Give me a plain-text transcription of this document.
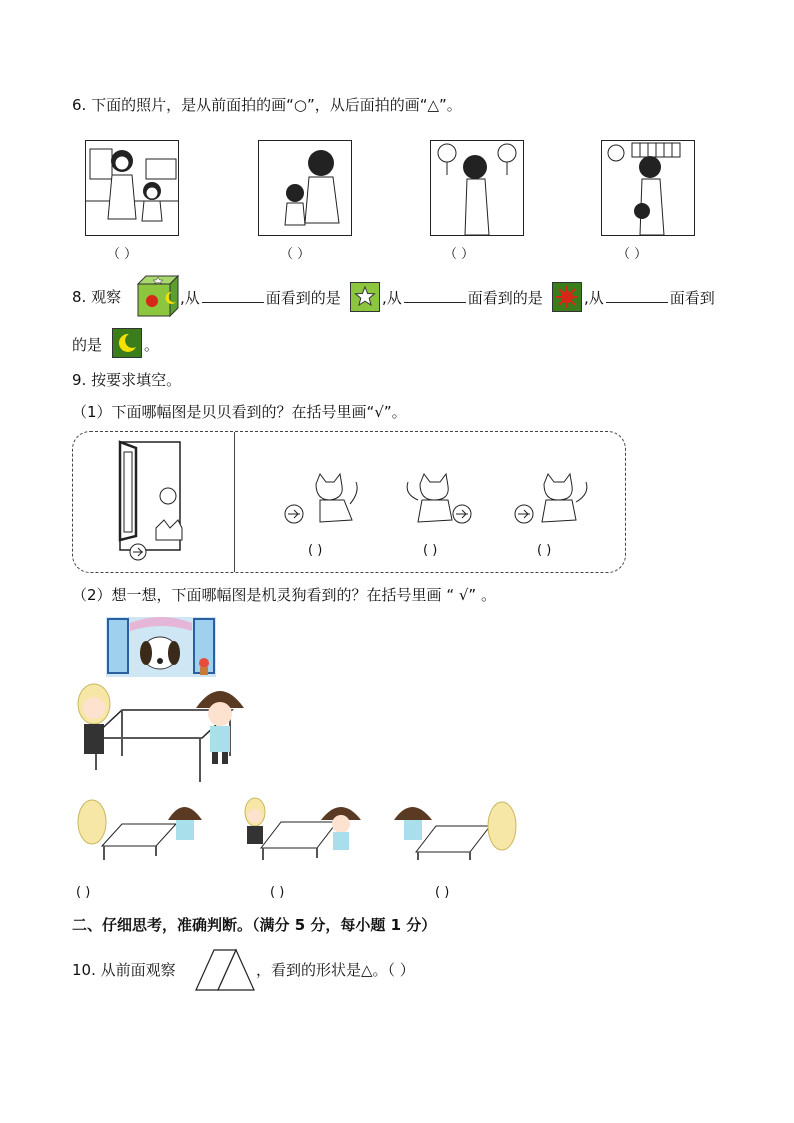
6. 下面的照片，是从前面拍的画“○”，从后面拍的画“△”。
（ ）	（ ）	（ ）	（ ）
8. 观察	,从	面看到的是	,从	面看到的是	,从	面看到
的是	。
9. 按要求填空。
（1）下面哪幅图是贝贝看到的？在括号里画“√”。
( )	( )	( )
（2）想一想，下面哪幅图是机灵狗看到的？在括号里画 “ √” 。
( )	( )	( )
二、仔细思考，准确判断。（满分 5 分，每小题 1 分）
10. 从前面观察	，看到的形状是△。（ ）
